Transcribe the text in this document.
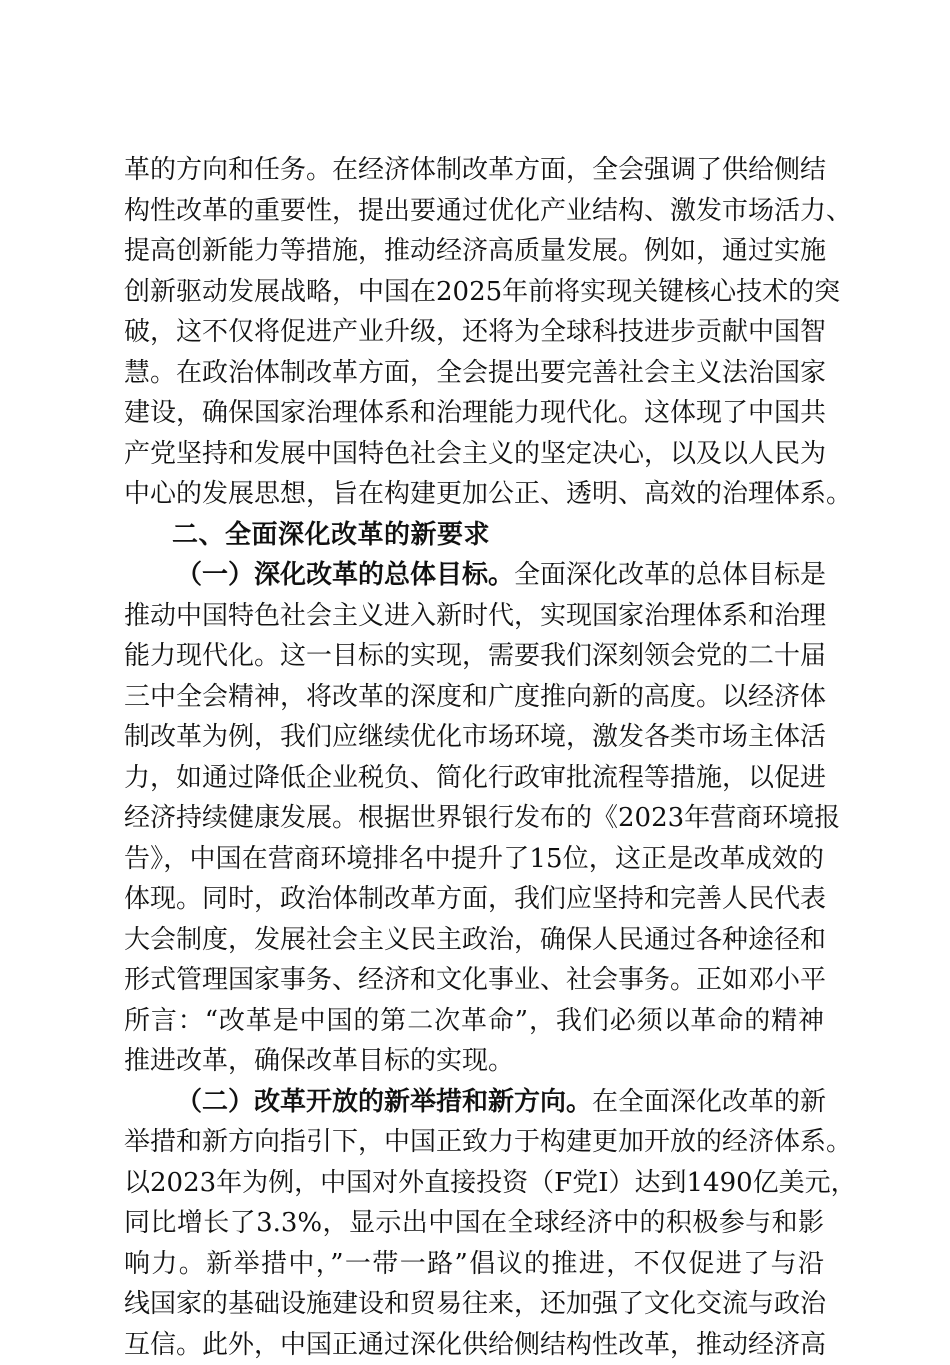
革的方向和任务。在经济体制改革方面，全会强调了供给侧结
构性改革的重要性，提出要通过优化产业结构、激发市场活力、
提高创新能力等措施，推动经济高质量发展。例如，通过实施
创新驱动发展战略，中国在2025年前将实现关键核心技术的突
破，这不仅将促进产业升级，还将为全球科技进步贡献中国智
慧。在政治体制改革方面，全会提出要完善社会主义法治国家
建设，确保国家治理体系和治理能力现代化。这体现了中国共
产党坚持和发展中国特色社会主义的坚定决心，以及以人民为
中心的发展思想，旨在构建更加公正、透明、高效的治理体系。
二、全面深化改革的新要求
（一）深化改革的总体目标。全面深化改革的总体目标是
推动中国特色社会主义进入新时代，实现国家治理体系和治理
能力现代化。这一目标的实现，需要我们深刻领会党的二十届
三中全会精神，将改革的深度和广度推向新的高度。以经济体
制改革为例，我们应继续优化市场环境，激发各类市场主体活
力，如通过降低企业税负、简化行政审批流程等措施，以促进
经济持续健康发展。根据世界银行发布的《2023年营商环境报
告》，中国在营商环境排名中提升了15位，这正是改革成效的
体现。同时，政治体制改革方面，我们应坚持和完善人民代表
大会制度，发展社会主义民主政治，确保人民通过各种途径和
形式管理国家事务、经济和文化事业、社会事务。正如邓小平
所言：“改革是中国的第二次革命”，我们必须以革命的精神
推进改革，确保改革目标的实现。
（二）改革开放的新举措和新方向。在全面深化改革的新
举措和新方向指引下，中国正致力于构建更加开放的经济体系。
以2023年为例，中国对外直接投资（F党I）达到1490亿美元，
同比增长了3.3%，显示出中国在全球经济中的积极参与和影
响力。新举措中，”一带一路”倡议的推进，不仅促进了与沿
线国家的基础设施建设和贸易往来，还加强了文化交流与政治
互信。此外，中国正通过深化供给侧结构性改革，推动经济高
